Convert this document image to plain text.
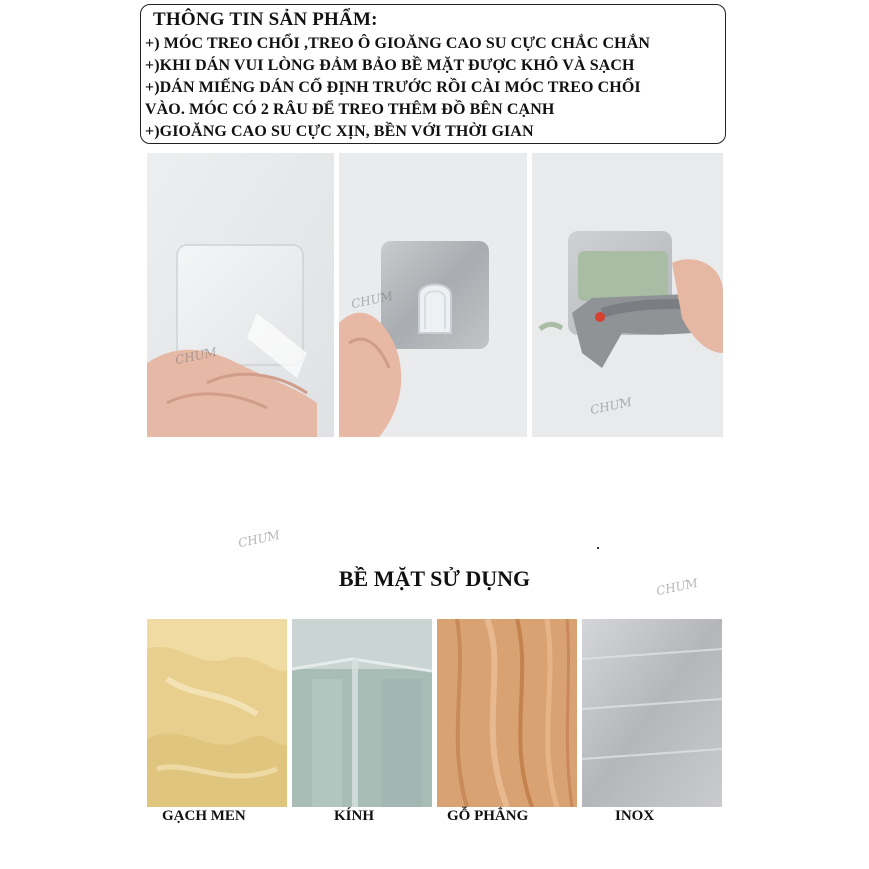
THÔNG TIN SẢN PHẨM:
+) MÓC TREO CHỔI ,TREO Ô GIOĂNG CAO SU CỰC CHẮC CHẮN
+)KHI DÁN VUI LÒNG ĐẢM BẢO BỀ MẶT ĐƯỢC KHÔ VÀ SẠCH
+)DÁN MIẾNG DÁN CỐ ĐỊNH TRƯỚC RỒI CÀI MÓC TREO CHỔI
VÀO. MÓC CÓ 2 RÂU ĐỂ TREO THÊM ĐỒ BÊN CẠNH
+)GIOĂNG CAO SU CỰC XỊN, BỀN VỚI THỜI GIAN
CHƯM
CHƯM
CHƯM
CHƯM
CHƯM
BỀ MẶT SỬ DỤNG
GẠCH MEN	KÍNH	GỖ PHẲNG	INOX
